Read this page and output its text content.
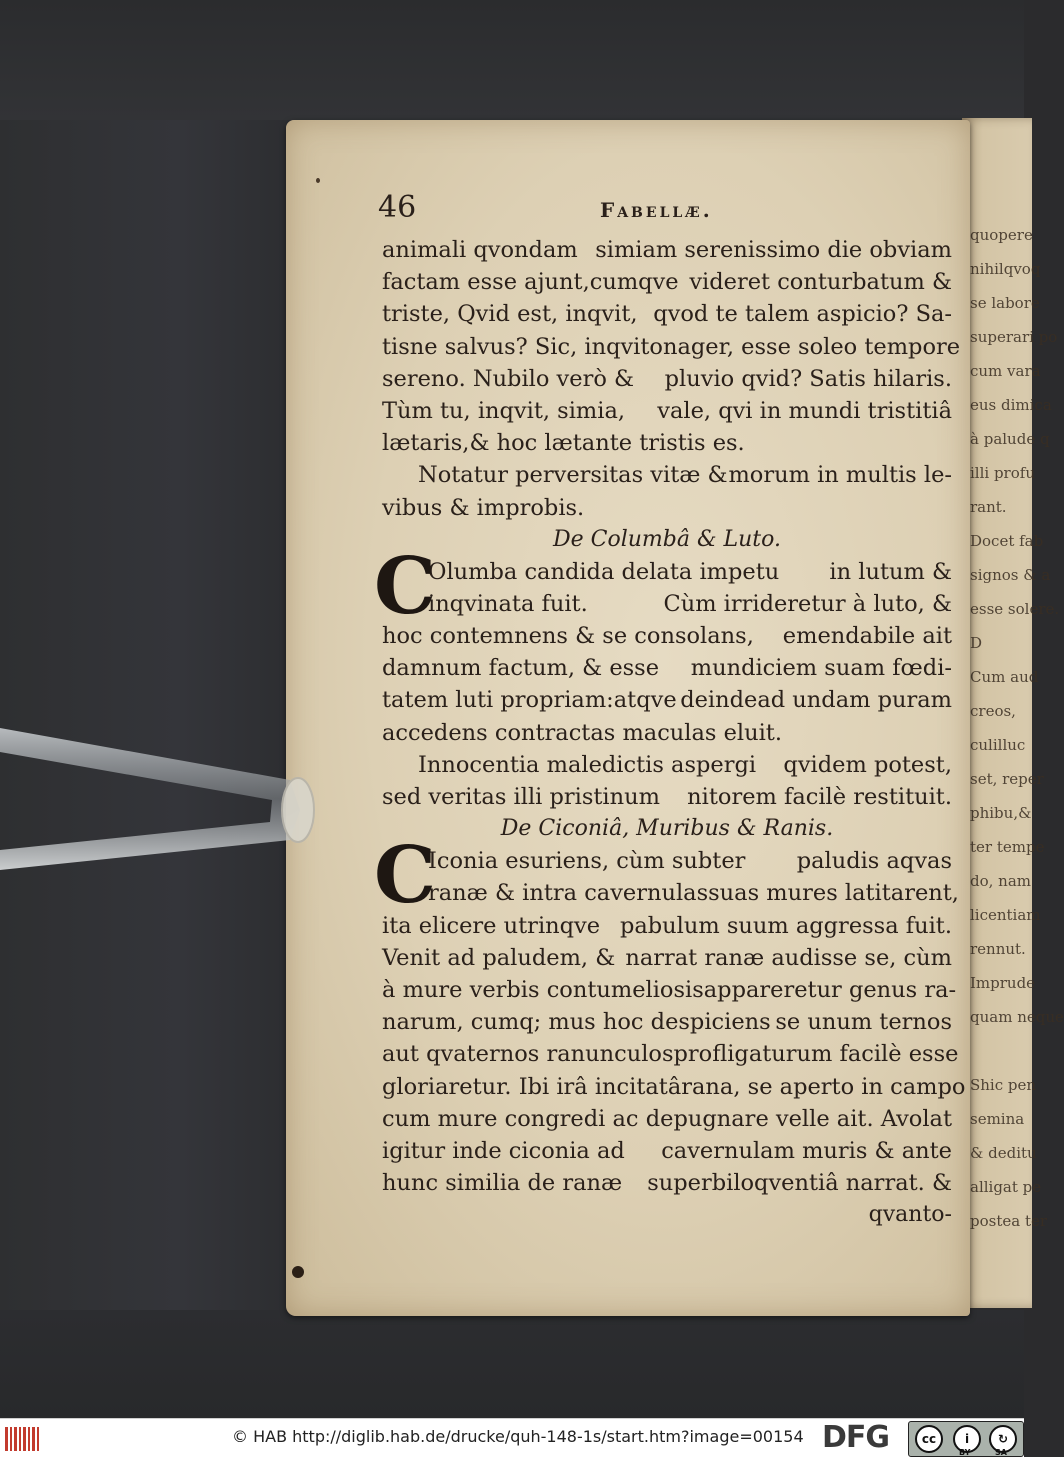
quopere
nihilqvoq
se labore
superari po
cum vara
eus dimica
à palude q
illi profu
rant.
Docet fab
signos & a
esse solere.
D
Cum aud
creos,
culilluc
set, reper
phibu,&
ter tempe
do, nam
licentiam
rennut.
Imprude
quam neque

Shic pen
semina
& deditu
alligat pe
postea ter
46	Fabellæ.
animali qvondam simiam serenissimo die obviam
factam esse ajunt,cumqve videret conturbatum &
triste, Qvid est, inqvit, qvod te talem aspicio? Sa-
tisne salvus? Sic, inqvit onager, esse soleo tempore
sereno. Nubilo verò & pluvio qvid? Satis hilaris.
Tùm tu, inqvit, simia, vale, qvi in mundi tristitiâ
lætaris,& hoc lætante tristis es.
Notatur perversitas vitæ & morum in multis le-
vibus & improbis.
De Columbâ & Luto.
C
Olumba candida delata impetu in lutum &
inqvinata fuit.	Cùm irrideretur à luto, &
hoc contemnens & se consolans, emendabile ait
damnum factum, & esse mundiciem suam fœdi-
tatem luti propriam:atqve deindead undam puram
accedens contractas maculas eluit.
Innocentia maledictis aspergi qvidem potest,
sed veritas illi pristinum nitorem facilè restituit.
De Ciconiâ, Muribus & Ranis.
C
Iconia esuriens, cùm subter paludis aqvas
ranæ & intra cavernulas suas mures latitarent,
ita elicere utrinqve pabulum suum aggressa fuit.
Venit ad paludem, & narrat ranæ audisse se, cùm
à mure verbis contumeliosis appareretur genus ra-
narum, cumq; mus hoc despiciens se unum ternos
aut qvaternos ranunculos profligaturum facilè esse
gloriaretur. Ibi irâ incitatâ rana, se aperto in campo
cum mure congredi ac depugnare velle ait. Avolat
igitur inde ciconia ad cavernulam muris & ante
hunc similia de ranæ superbiloqventiâ narrat. &
qvanto-
© HAB http://diglib.hab.de/drucke/quh-148-1s/start.htm?image=00154 DFG	cc	i	↻
BY	SA
